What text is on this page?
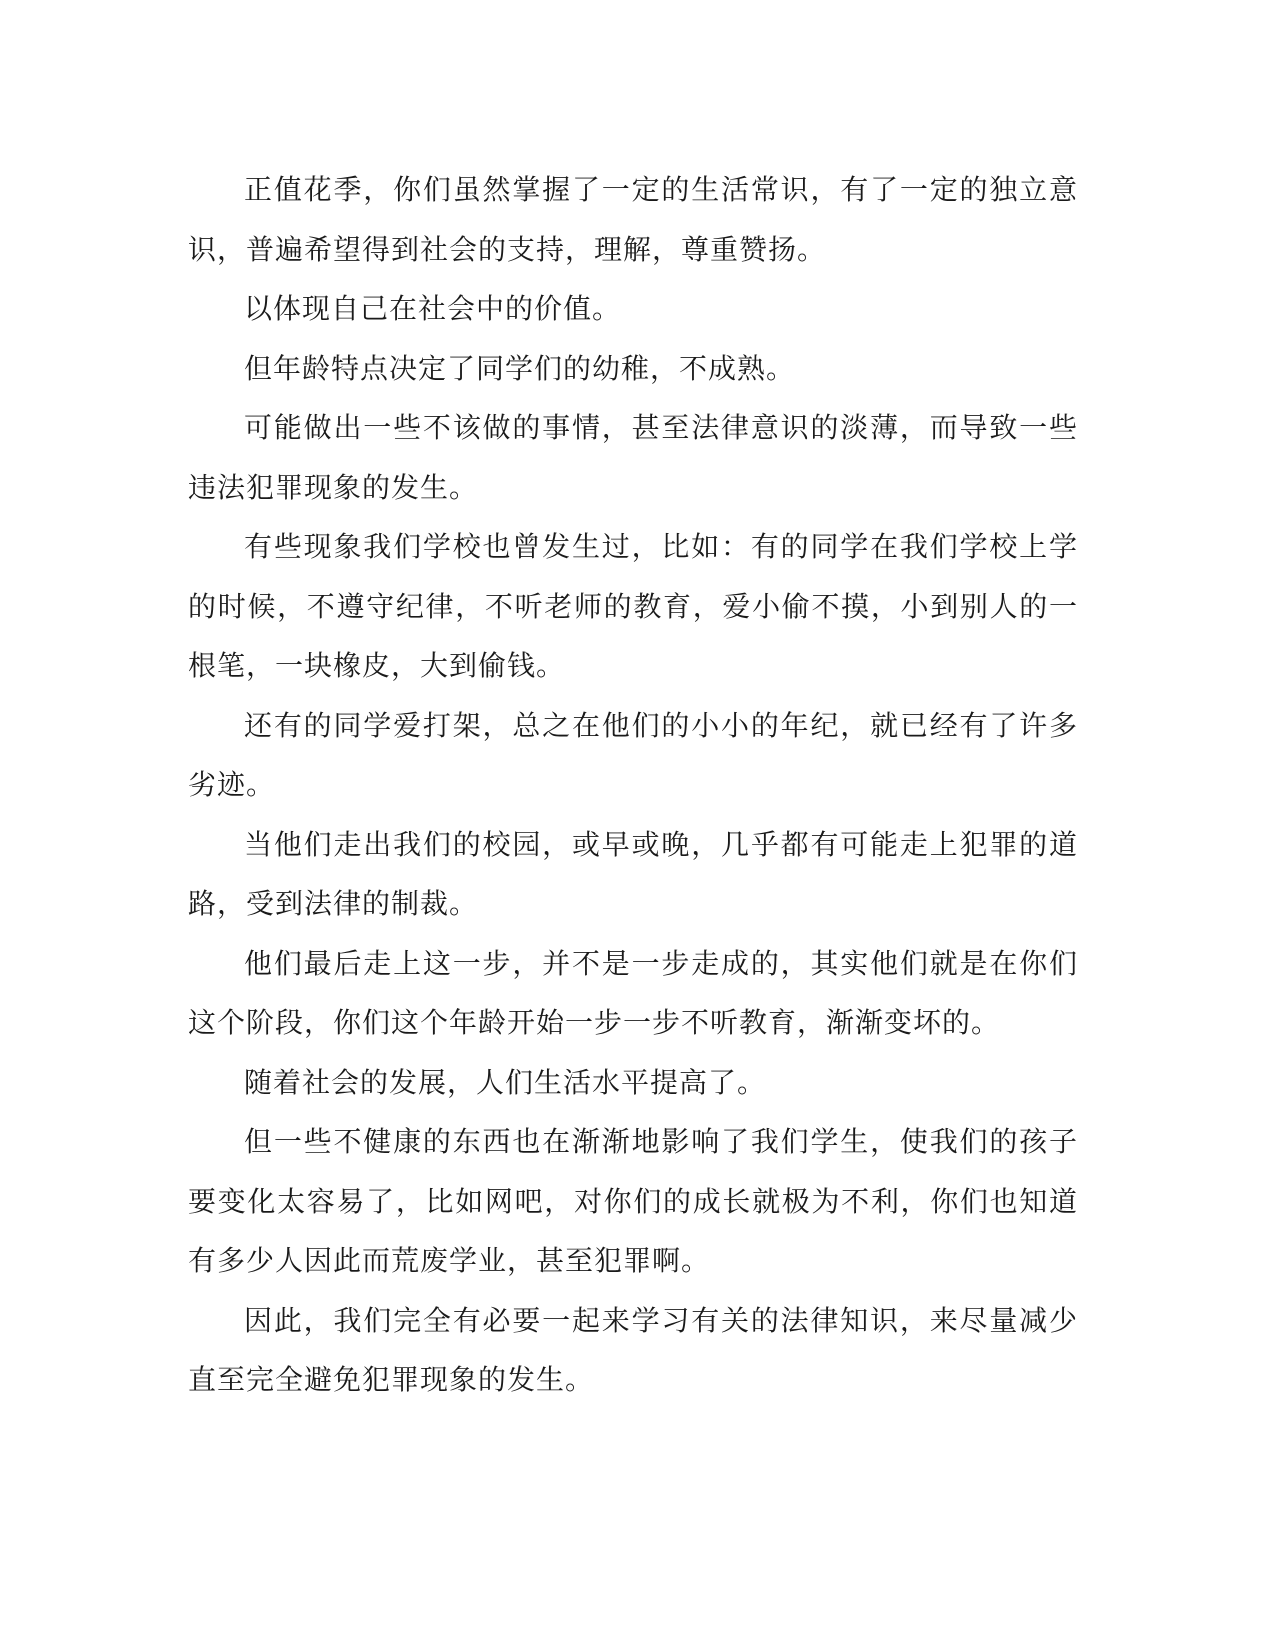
正值花季，你们虽然掌握了一定的生活常识，有了一定的独立意识，普遍希望得到社会的支持，理解，尊重赞扬。

以体现自己在社会中的价值。

但年龄特点决定了同学们的幼稚，不成熟。

可能做出一些不该做的事情，甚至法律意识的淡薄，而导致一些违法犯罪现象的发生。

有些现象我们学校也曾发生过，比如：有的同学在我们学校上学的时候，不遵守纪律，不听老师的教育，爱小偷不摸，小到别人的一根笔，一块橡皮，大到偷钱。

还有的同学爱打架，总之在他们的小小的年纪，就已经有了许多劣迹。

当他们走出我们的校园，或早或晚，几乎都有可能走上犯罪的道路，受到法律的制裁。

他们最后走上这一步，并不是一步走成的，其实他们就是在你们这个阶段，你们这个年龄开始一步一步不听教育，渐渐变坏的。

随着社会的发展，人们生活水平提高了。

但一些不健康的东西也在渐渐地影响了我们学生，使我们的孩子要变化太容易了，比如网吧，对你们的成长就极为不利，你们也知道有多少人因此而荒废学业，甚至犯罪啊。

因此，我们完全有必要一起来学习有关的法律知识，来尽量减少直至完全避免犯罪现象的发生。
